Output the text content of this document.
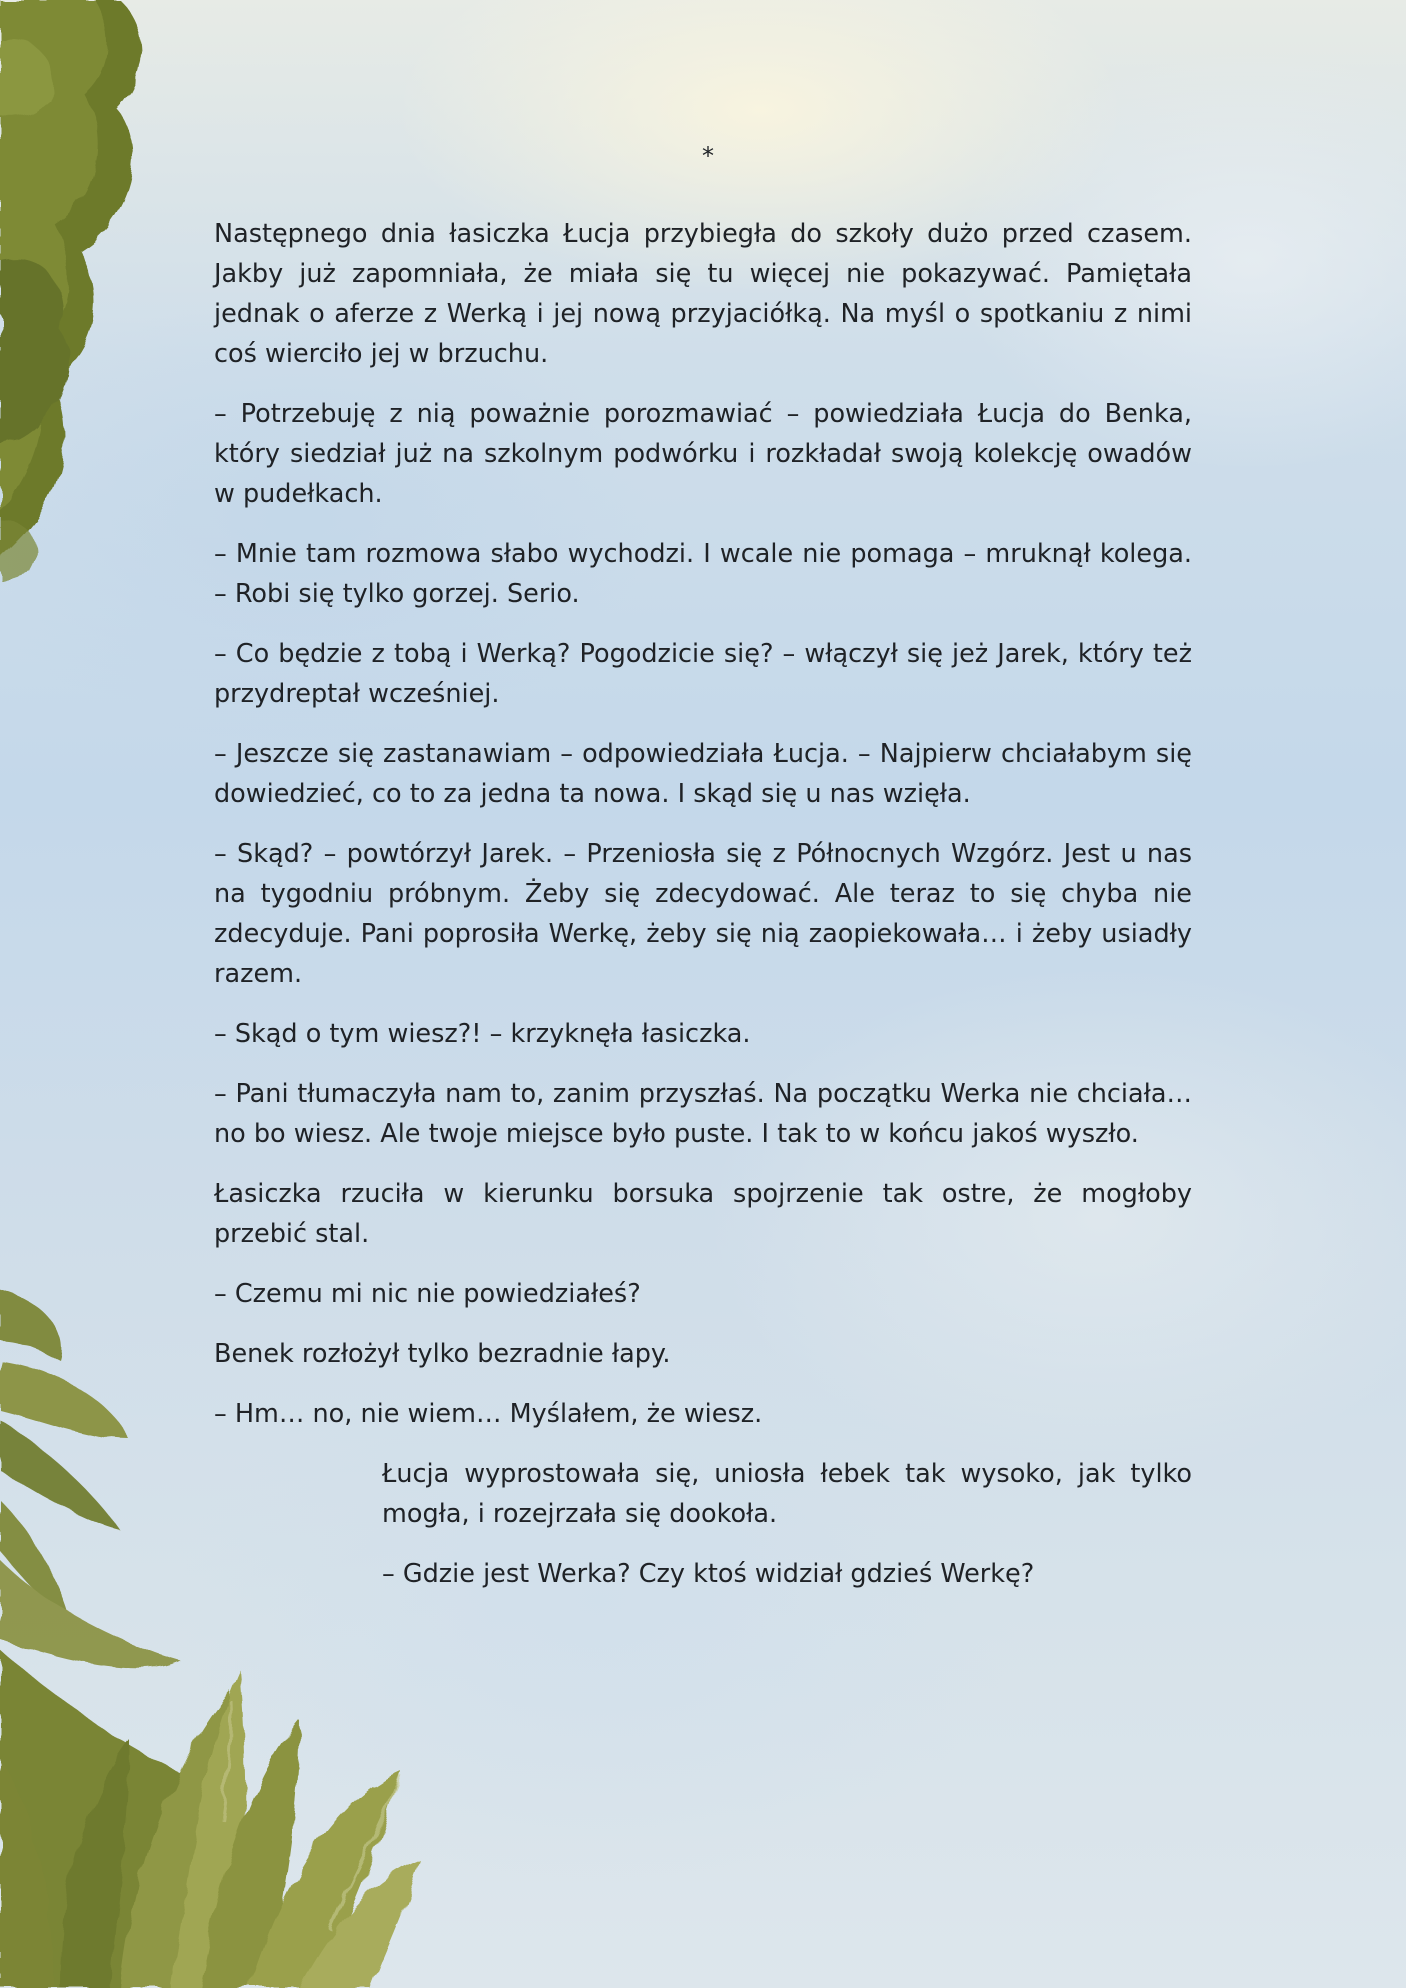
*

Następnego dnia łasiczka Łucja przybiegła do szkoły dużo przed czasem. Jakby już zapomniała, że miała się tu więcej nie pokazywać. Pamiętała jednak o aferze z Werką i jej nową przyjaciółką. Na myśl o spotkaniu z nimi coś wierciło jej w brzuchu.

– Potrzebuję z nią poważnie porozmawiać – powiedziała Łucja do Benka, który siedział już na szkolnym podwórku i rozkładał swoją kolekcję owadów w pudełkach.

– Mnie tam rozmowa słabo wychodzi. I wcale nie pomaga – mruknął kolega. – Robi się tylko gorzej. Serio.

– Co będzie z tobą i Werką? Pogodzicie się? – włączył się jeż Jarek, który też przydreptał wcześniej.

– Jeszcze się zastanawiam – odpowiedziała Łucja. – Najpierw chciałabym się dowiedzieć, co to za jedna ta nowa. I skąd się u nas wzięła.

– Skąd? – powtórzył Jarek. – Przeniosła się z Północnych Wzgórz. Jest u nas na tygodniu próbnym. Żeby się zdecydować. Ale teraz to się chyba nie zdecyduje. Pani poprosiła Werkę, żeby się nią zaopiekowała… i żeby usiadły razem.

– Skąd o tym wiesz?! – krzyknęła łasiczka.

– Pani tłumaczyła nam to, zanim przyszłaś. Na początku Werka nie chciała… no bo wiesz. Ale twoje miejsce było puste. I tak to w końcu jakoś wyszło.

Łasiczka rzuciła w kierunku borsuka spojrzenie tak ostre, że mogłoby przebić stal.

– Czemu mi nic nie powiedziałeś?

Benek rozłożył tylko bezradnie łapy.

– Hm… no, nie wiem… Myślałem, że wiesz.

Łucja wyprostowała się, uniosła łebek tak wysoko, jak tylko mogła, i rozejrzała się dookoła.

– Gdzie jest Werka? Czy ktoś widział gdzieś Werkę?
